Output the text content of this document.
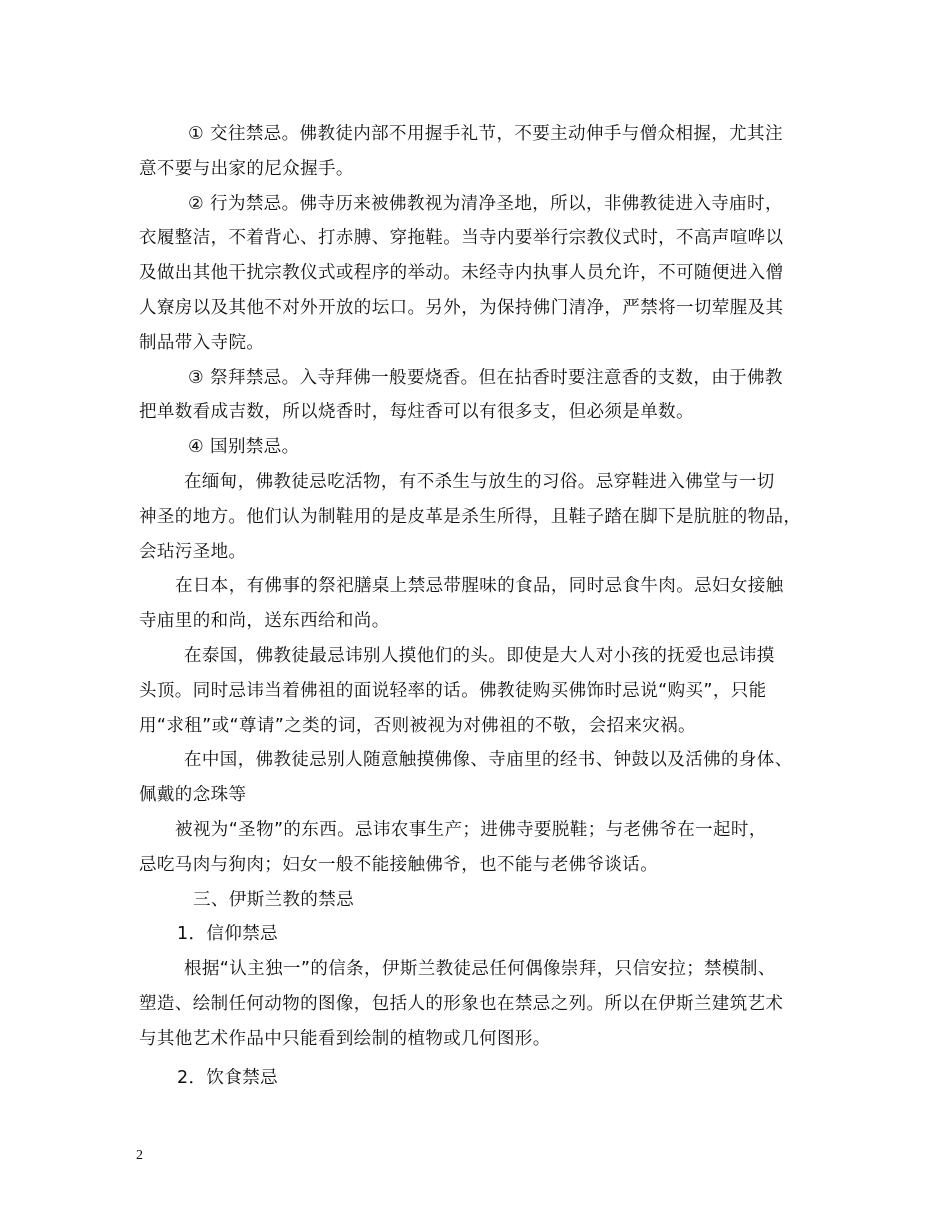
① 交往禁忌。佛教徒内部不用握手礼节，不要主动伸手与僧众相握，尤其注
意不要与出家的尼众握手。
② 行为禁忌。佛寺历来被佛教视为清净圣地，所以，非佛教徒进入寺庙时，
衣履整洁，不着背心、打赤膊、穿拖鞋。当寺内要举行宗教仪式时，不高声喧哗以
及做出其他干扰宗教仪式或程序的举动。未经寺内执事人员允许，不可随便进入僧
人寮房以及其他不对外开放的坛口。另外，为保持佛门清净，严禁将一切荤腥及其
制品带入寺院。
③ 祭拜禁忌。入寺拜佛一般要烧香。但在拈香时要注意香的支数，由于佛教
把单数看成吉数，所以烧香时，每炷香可以有很多支，但必须是单数。
④ 国别禁忌。
在缅甸，佛教徒忌吃活物，有不杀生与放生的习俗。忌穿鞋进入佛堂与一切
神圣的地方。他们认为制鞋用的是皮革是杀生所得，且鞋子踏在脚下是肮脏的物品，
会玷污圣地。
在日本，有佛事的祭祀膳桌上禁忌带腥味的食品，同时忌食牛肉。忌妇女接触
寺庙里的和尚，送东西给和尚。
在泰国，佛教徒最忌讳别人摸他们的头。即使是大人对小孩的抚爱也忌讳摸
头顶。同时忌讳当着佛祖的面说轻率的话。佛教徒购买佛饰时忌说“购买”，只能
用“求租”或“尊请”之类的词，否则被视为对佛祖的不敬，会招来灾祸。
在中国，佛教徒忌别人随意触摸佛像、寺庙里的经书、钟鼓以及活佛的身体、
佩戴的念珠等
被视为“圣物”的东西。忌讳农事生产；进佛寺要脱鞋；与老佛爷在一起时，
忌吃马肉与狗肉；妇女一般不能接触佛爷，也不能与老佛爷谈话。
三、伊斯兰教的禁忌
1．信仰禁忌
根据“认主独一”的信条，伊斯兰教徒忌任何偶像崇拜，只信安拉；禁模制、
塑造、绘制任何动物的图像，包括人的形象也在禁忌之列。所以在伊斯兰建筑艺术
与其他艺术作品中只能看到绘制的植物或几何图形。
2．饮食禁忌
2
